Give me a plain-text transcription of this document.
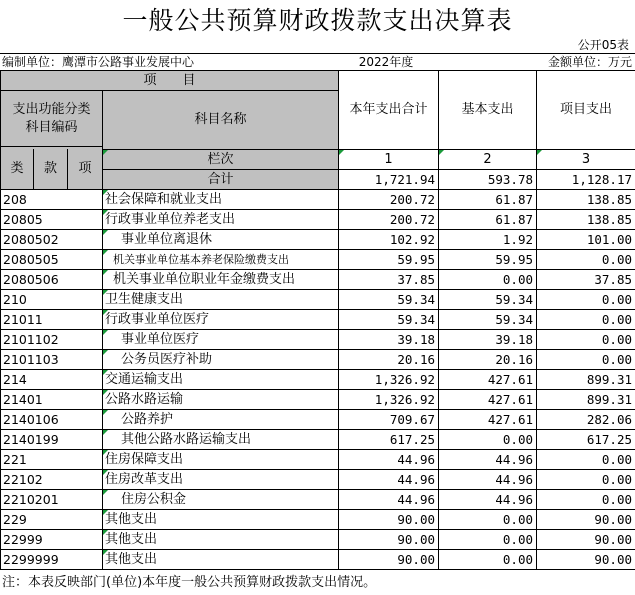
一般公共预算财政拨款支出决算表
公开05表
编制单位：鹰潭市公路事业发展中心	2022年度	金额单位：万元
项　　目				本年支出合计	基本支出	项目支出

支出功能分类
科目编码			科目名称			

类	款	项	栏次	1	2	3
			合计	1,721.94	593.78	1,128.17
208			社会保障和就业支出	200.72	61.87	138.85
20805			行政事业单位养老支出	200.72	61.87	138.85
2080502			事业单位离退休	102.92	1.92	101.00
2080505			机关事业单位基本养老保险缴费支出	59.95	59.95	0.00
2080506			机关事业单位职业年金缴费支出	37.85	0.00	37.85
210			卫生健康支出	59.34	59.34	0.00
21011			行政事业单位医疗	59.34	59.34	0.00
2101102			事业单位医疗	39.18	39.18	0.00
2101103			公务员医疗补助	20.16	20.16	0.00
214			交通运输支出	1,326.92	427.61	899.31
21401			公路水路运输	1,326.92	427.61	899.31
2140106			公路养护	709.67	427.61	282.06
2140199			其他公路水路运输支出	617.25	0.00	617.25
221			住房保障支出	44.96	44.96	0.00
22102			住房改革支出	44.96	44.96	0.00
2210201			住房公积金	44.96	44.96	0.00
229			其他支出	90.00	0.00	90.00
22999			其他支出	90.00	0.00	90.00
2299999			其他支出	90.00	0.00	90.00
注：本表反映部门(单位)本年度一般公共预算财政拨款支出情况。
